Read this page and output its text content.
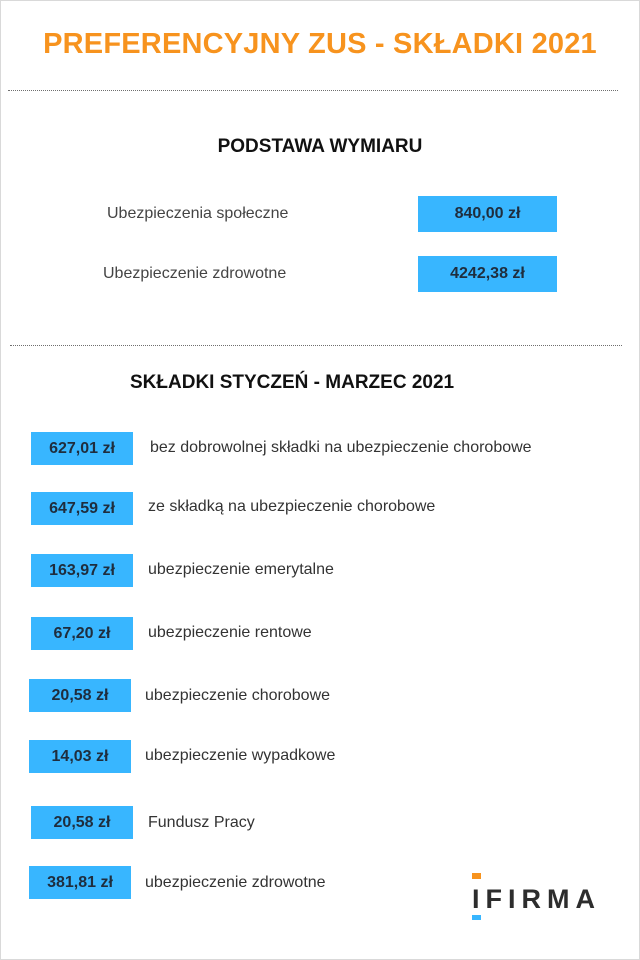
PREFERENCYJNY ZUS - SKŁADKI 2021
PODSTAWA WYMIARU
Ubezpieczenia społeczne	840,00 zł
Ubezpieczenie zdrowotne	4242,38 zł
SKŁADKI STYCZEŃ - MARZEC 2021
627,01 zł	bez dobrowolnej składki na ubezpieczenie chorobowe
647,59 zł	ze składką na ubezpieczenie chorobowe
163,97 zł	ubezpieczenie emerytalne
67,20 zł	ubezpieczenie rentowe
20,58 zł	ubezpieczenie chorobowe
14,03 zł	ubezpieczenie wypadkowe
20,58 zł	Fundusz Pracy
381,81 zł	ubezpieczenie zdrowotne
IFIRMA
